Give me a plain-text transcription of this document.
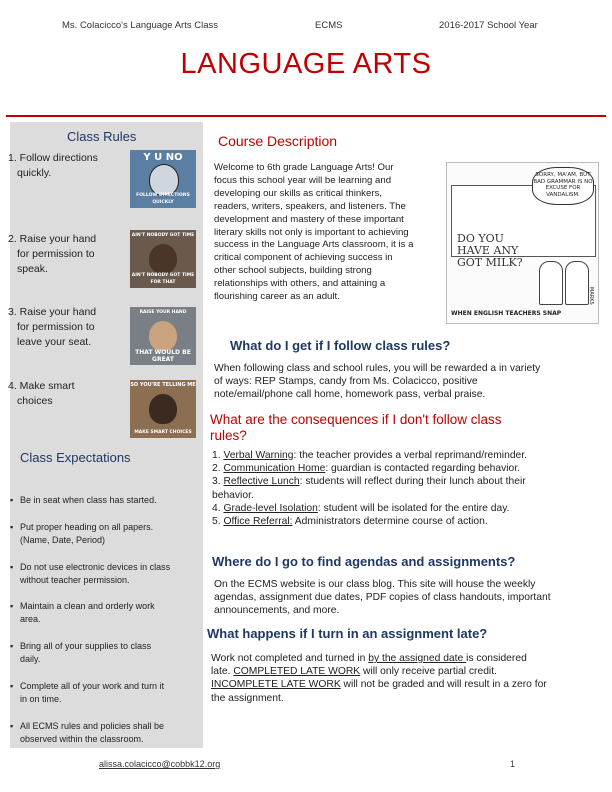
Ms. Colacicco's Language Arts Class	ECMS	2016-2017 School Year
LANGUAGE ARTS
Class Rules
1. Follow directions
quickly.
2. Raise your hand
for permission to
speak.
3. Raise your hand
for permission to
leave your seat.
4. Make smart
choices
Y U NO
FOLLOW DIRECTIONS QUICKLY
AIN'T NOBODY GOT TIME
AIN'T NOBODY GOT TIME FOR THAT
RAISE YOUR HAND
THAT WOULD BE GREAT
SO YOU'RE TELLING ME
MAKE SMART CHOICES
Class Expectations
▪ Be in seat when class has started.
▪ Put proper heading on all papers.
(Name, Date, Period)
▪ Do not use electronic devices in class
without teacher permission.
▪ Maintain a clean and orderly work
area.
▪ Bring all of your supplies to class
daily.
▪ Complete all of your work and turn it
in on time.
▪ All ECMS rules and policies shall be
observed within the classroom.
Course Description
Welcome to 6th grade Language Arts! Our
focus this school year will be learning and
developing our skills as critical thinkers,
readers, writers, speakers, and listeners. The
development and mastery of these important
literary skills not only is important to achieving
success in the Language Arts classroom, it is a
critical component of achieving success in
other school subjects, building strong
relationships with others, and attaining a
flourishing career as an adult.
SORRY, MA'AM, BUT BAD GRAMMAR IS NO EXCUSE FOR VANDALISM.
DO YOU HAVE ANY GOT MILK?
WHEN ENGLISH TEACHERS SNAP
MARKS
What do I get if I follow class rules?
When following class and school rules, you will be rewarded a in variety
of ways: REP Stamps, candy from Ms. Colacicco, positive
note/email/phone call home, homework pass, verbal praise.
What are the consequences if I don't follow class
rules?
1. Verbal Warning: the teacher provides a verbal reprimand/reminder.
2. Communication Home: guardian is contacted regarding behavior.
3. Reflective Lunch: students will reflect during their lunch about their
behavior.
4. Grade-level Isolation: student will be isolated for the entire day.
5. Office Referral: Administrators determine course of action.
Where do I go to find agendas and assignments?
On the ECMS website is our class blog. This site will house the weekly
agendas, assignment due dates, PDF copies of class handouts, important
announcements, and more.
What happens if I turn in an assignment late?
Work not completed and turned in by the assigned date is considered
late. COMPLETED LATE WORK will only receive partial credit.
INCOMPLETE LATE WORK will not be graded and will result in a zero for
the assignment.
alissa.colacicco@cobbk12.org	1
